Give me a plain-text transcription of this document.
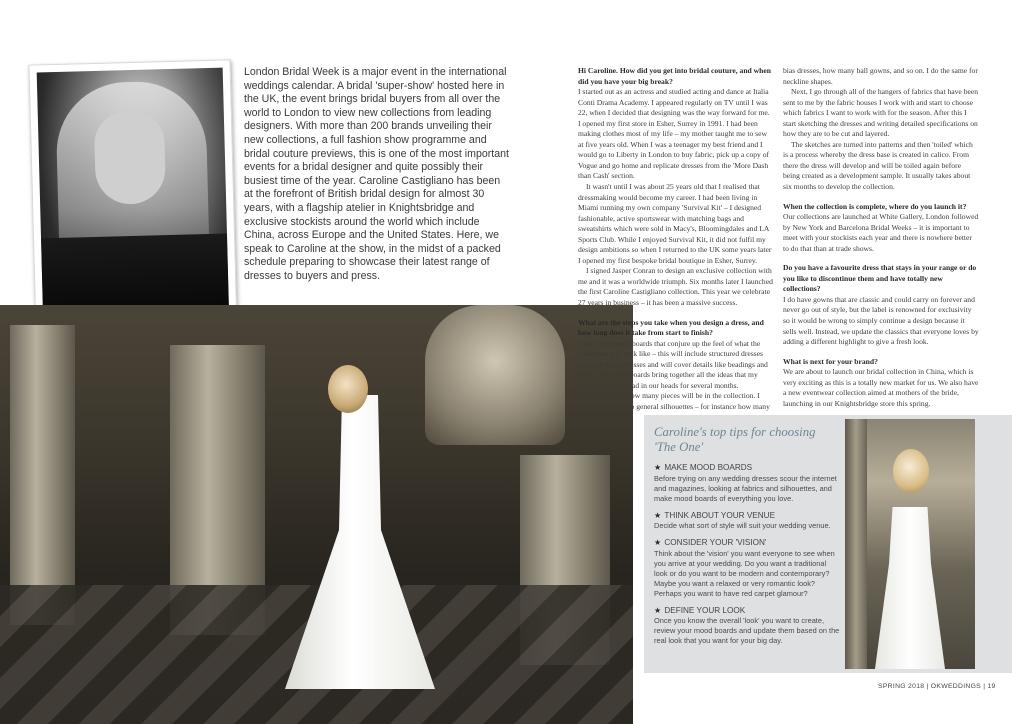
London Bridal Week is a major event in the international weddings calendar. A bridal 'super-show' hosted here in the UK, the event brings bridal buyers from all over the world to London to view new collections from leading designers. With more than 200 brands unveiling their new collections, a full fashion show programme and bridal couture previews, this is one of the most important events for a bridal designer and quite possibly their busiest time of the year. Caroline Castigliano has been at the forefront of British bridal design for almost 30 years, with a flagship atelier in Knightsbridge and exclusive stockists around the world which include China, across Europe and the United States. Here, we speak to Caroline at the show, in the midst of a packed schedule preparing to showcase their latest range of dresses to buyers and press.

Hi Caroline. How did you get into bridal couture, and when did you have your big break?

I started out as an actress and studied acting and dance at Italia Conti Drama Academy. I appeared regularly on TV until I was 22, when I decided that designing was the way forward for me. I opened my first store in Esher, Surrey in 1991. I had been making clothes most of my life – my mother taught me to sew at five years old. When I was a teenager my best friend and I would go to Liberty in London to buy fabric, pick up a copy of Vogue and go home and replicate dresses from the 'More Dash than Cash' section.

It wasn't until I was about 25 years old that I realised that dressmaking would become my career. I had been living in Miami running my own company 'Survival Kit' – I designed fashionable, active sportswear with matching bags and sweatshirts which were sold in Macy's, Bloomingdales and LA Sports Club. While I enjoyed Survival Kit, it did not fulfil my design ambitions so when I returned to the UK some years later I opened my first bespoke bridal boutique in Esher, Surrey.

I signed Jasper Conran to design an exclusive collection with me and it was a worldwide triumph. Six months later I launched the first Caroline Castigliano collection. This year we celebrate 27 years in business – it has been a massive success.

What are the steps you take when you design a dress, and how long does it take from start to finish?

I start with mood boards that conjure up the feel of what the collection will look like – this will include structured dresses and soft floaty dresses and will cover details like beadings and laces. The mood boards bring together all the ideas that my team and I have had in our heads for several months.

I then decide how many pieces will be in the collection. I break this down to general silhouettes – for instance how many

bias dresses, how many ball gowns, and so on. I do the same for neckline shapes.

Next, I go through all of the hangers of fabrics that have been sent to me by the fabric houses I work with and start to choose which fabrics I want to work with for the season. After this I start sketching the dresses and writing detailed specifications on how they are to be cut and layered.

The sketches are turned into patterns and then 'toiled' which is a process whereby the dress base is created in calico. From there the dress will develop and will be toiled again before being created as a development sample. It usually takes about six months to develop the collection.

When the collection is complete, where do you launch it?

Our collections are launched at White Gallery, London followed by New York and Barcelona Bridal Weeks – it is important to meet with your stockists each year and there is nowhere better to do that than at trade shows.

Do you have a favourite dress that stays in your range or do you like to discontinue them and have totally new collections?

I do have gowns that are classic and could carry on forever and never go out of style, but the label is renowned for exclusivity so it would be wrong to simply continue a design because it sells well. Instead, we update the classics that everyone loves by adding a different highlight to give a fresh look.

What is next for your brand?

We are about to launch our bridal collection in China, which is very exciting as this is a totally new market for us. We also have a new eventwear collection aimed at mothers of the bride, launching in our Knightsbridge store this spring.

Caroline's top tips for choosing 'The One'
★ MAKE MOOD BOARDS
Before trying on any wedding dresses scour the internet and magazines, looking at fabrics and silhouettes, and make mood boards of everything you love.
★ THINK ABOUT YOUR VENUE
Decide what sort of style will suit your wedding venue.
★ CONSIDER YOUR 'VISION'
Think about the 'vision' you want everyone to see when you arrive at your wedding. Do you want a traditional look or do you want to be modern and contemporary? Maybe you want a relaxed or very romantic look? Perhaps you want to have red carpet glamour?
★ DEFINE YOUR LOOK
Once you know the overall 'look' you want to create, review your mood boards and update them based on the real look that you want for your big day.
SPRING 2018 | OKWEDDINGS | 19
